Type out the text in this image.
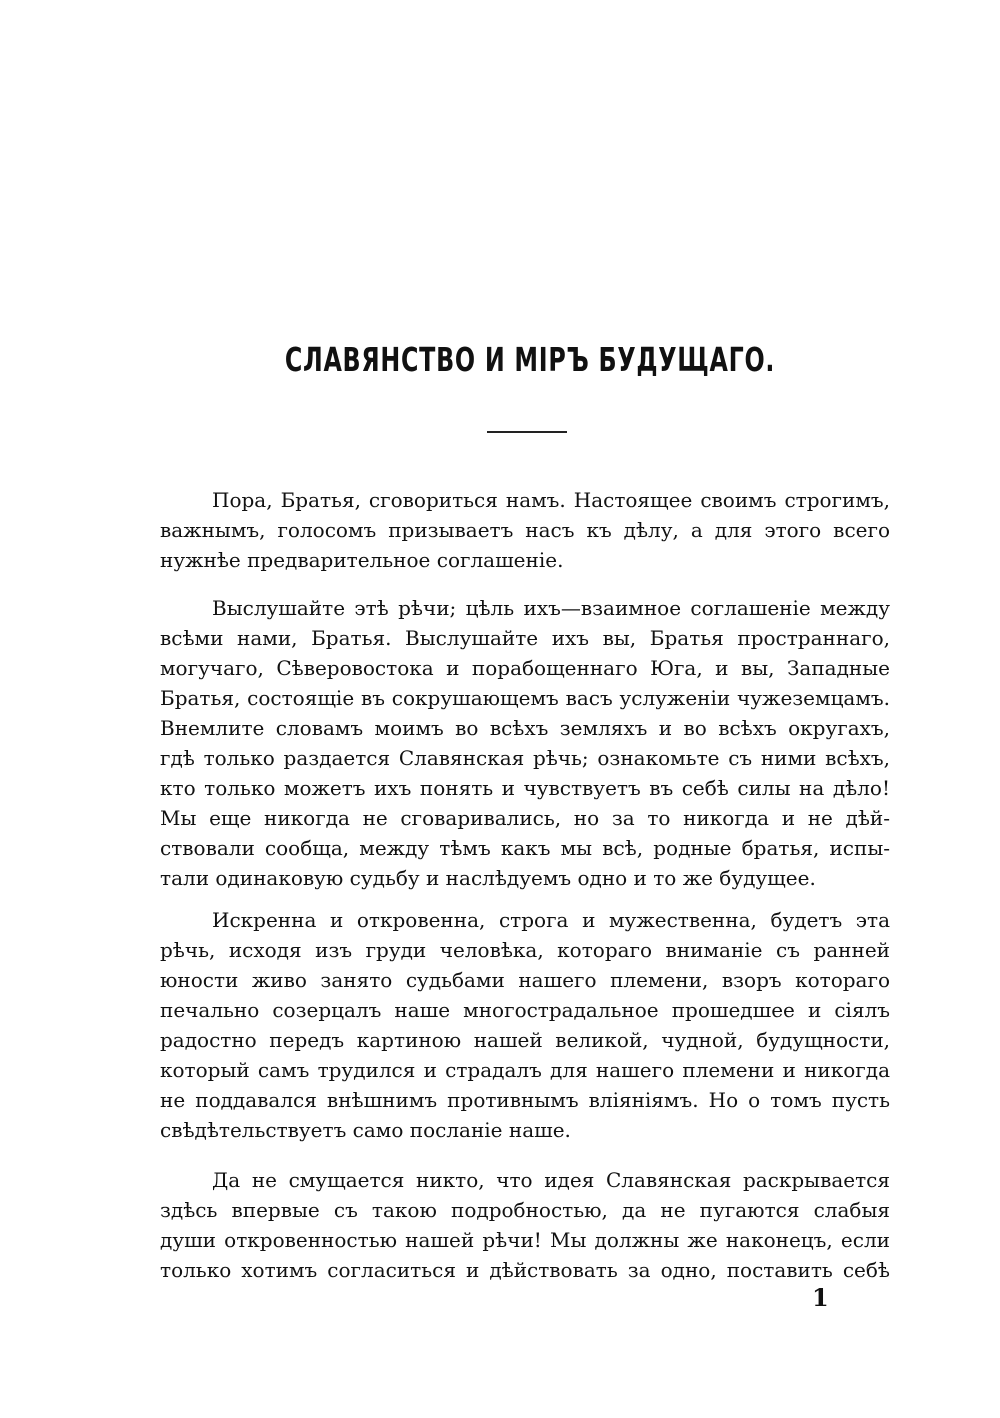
СЛАВЯНСТВО И МІРЪ БУДУЩАГО.
Пора, Братья, сговориться намъ. Настоящее своимъ строгимъ,
важнымъ, голосомъ призываетъ насъ къ дѣлу, а для этого всего
нужнѣе предварительное соглашеніе.
Выслушайте этѣ рѣчи; цѣль ихъ—взаимное соглашеніе между
всѣми нами, Братья. Выслушайте ихъ вы, Братья пространнаго,
могучаго, Сѣверовостока и порабощеннаго Юга, и вы, Западные
Братья, состоящіе въ сокрушающемъ васъ услуженіи чужеземцамъ.
Внемлите словамъ моимъ во всѣхъ земляхъ и во всѣхъ округахъ,
гдѣ только раздается Славянская рѣчь; ознакомьте съ ними всѣхъ,
кто только можетъ ихъ понять и чувствуетъ въ себѣ силы на дѣло!
Мы еще никогда не сговаривались, но за то никогда и не дѣй-
ствовали сообща, между тѣмъ какъ мы всѣ, родные братья, испы-
тали одинаковую судьбу и наслѣдуемъ одно и то же будущее.
Искренна и откровенна, строга и мужественна, будетъ эта
рѣчь, исходя изъ груди человѣка, котораго вниманіе съ ранней
юности живо занято судьбами нашего племени, взоръ котораго
печально созерцалъ наше многострадальное прошедшее и сіялъ
радостно передъ картиною нашей великой, чудной, будущности,
который самъ трудился и страдалъ для нашего племени и никогда
не поддавался внѣшнимъ противнымъ вліяніямъ. Но о томъ пусть
свѣдѣтельствуетъ само посланіе наше.
Да не смущается никто, что идея Славянская раскрывается
здѣсь впервые съ такою подробностью, да не пугаются слабыя
души откровенностью нашей рѣчи! Мы должны же наконецъ, если
только хотимъ согласиться и дѣйствовать за одно, поставить себѣ
1
